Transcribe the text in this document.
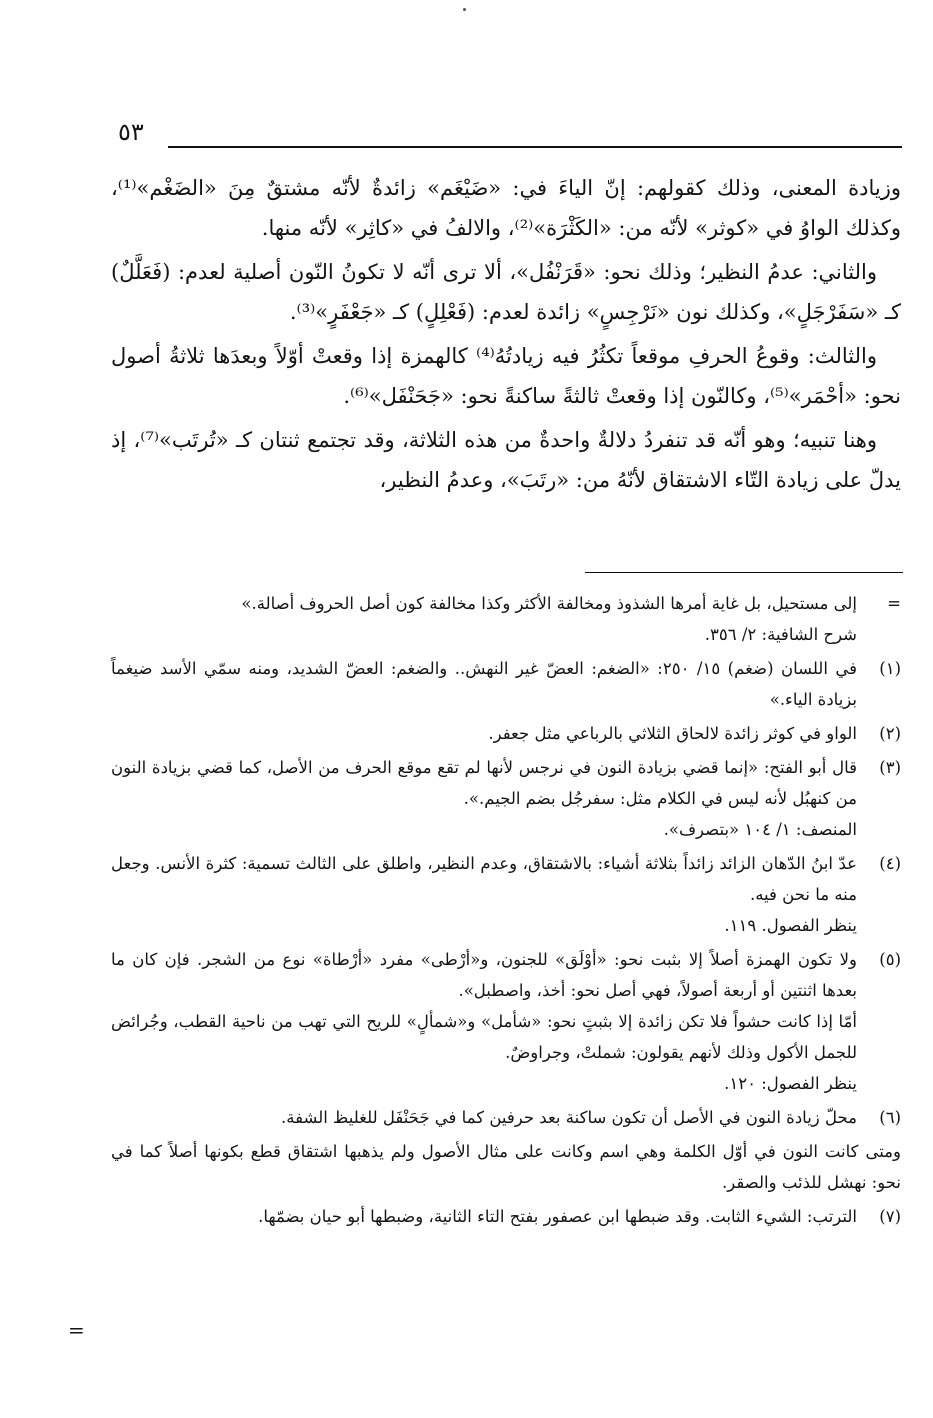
٥٣

وزيادة المعنى، وذلك كقولهم: إنّ الياءَ في: «ضَيْغَم» زائدةٌ لأنّه مشتقٌ مِنَ «الضَغْم»⁽¹⁾، وكذلك الواوُ في «كوثر» لأنّه من: «الكَثْرَة»⁽²⁾، والالفُ في «كاثِر» لأنّه منها.

والثاني: عدمُ النظير؛ وذلك نحو: «قَرَنْفُل»، ألا ترى أنّه لا تكونُ النّون أصلية لعدم: (فَعَلَّلٌ) كـ «سَفَرْجَلٍ»، وكذلك نون «نَرْجِسٍ» زائدة لعدم: (فَعْلِلٍ) كـ «جَعْفَرٍ»⁽³⁾.

والثالث: وقوعُ الحرفِ موقعاً تكثُرُ فيه زيادتُهُ⁽⁴⁾ كالهمزة إذا وقعتْ أوّلاً وبعدَها ثلاثةُ أصول نحو: «أحْمَر»⁽⁵⁾، وكالنّون إذا وقعتْ ثالثةً ساكنةً نحو: «جَحَنْفَل»⁽⁶⁾.

وهنا تنبيه؛ وهو أنّه قد تنفردُ دلالةٌ واحدةٌ من هذه الثلاثة، وقد تجتمع ثنتان كـ «تُرتَب»⁽⁷⁾، إذ يدلّ على زيادة التّاء الاشتقاق لأنّهُ من: «رتَبَ»، وعدمُ النظير،

=
إلى مستحيل، بل غاية أمرها الشذوذ ومخالفة الأكثر وكذا مخالفة كون أصل الحروف أصالة.»
شرح الشافية: ٢/ ٣٥٦.
(١)
في اللسان (ضغم) ١٥/ ٢٥٠: «الضغم: العضّ غير النهش.. والضغم: العضّ الشديد، ومنه سمّي الأسد ضيغماً بزيادة الياء.»
(٢)
الواو في كوثر زائدة لالحاق الثلاثي بالرباعي مثل جعفر.
(٣)
قال أبو الفتح: «إنما قضي بزيادة النون في نرجس لأنها لم تقع موقع الحرف من الأصل، كما قضي بزيادة النون من كنهبُل لأنه ليس في الكلام مثل: سفرجُل بضم الجيم.».
المنصف: ١/ ١٠٤ «بتصرف».
(٤)
عدّ ابنُ الدّهان الزائد زائداً بثلاثة أشياء: بالاشتقاق، وعدم النظير، واطلق على الثالث تسمية: كثرة الأنس. وجعل منه ما نحن فيه.
ينظر الفصول. ١١٩.
(٥)
ولا تكون الهمزة أصلاً إلا بثبت نحو: «أوْلَق» للجنون، و«أرْطى» مفرد «أرْطاة» نوع من الشجر. فإن كان ما بعدها اثنتين أو أربعة أصولاً، فهي أصل نحو: أخذ، واصطبل».
أمّا إذا كانت حشواً فلا تكن زائدة إلا بثبتٍ نحو: «شأمل» و«شمألٍ» للريح التي تهب من ناحية القطب، وجُرائض للجمل الأكول وذلك لأنهم يقولون: شملتْ، وجراوضٌ.
ينظر الفصول: ١٢٠.
(٦)
محلّ زيادة النون في الأصل أن تكون ساكنة بعد حرفين كما في جَحَنْفَل للغليظ الشفة.
ومتى كانت النون في أوّل الكلمة وهي اسم وكانت على مثال الأصول ولم يذهبها اشتقاق قطع بكونها أصلاً كما في نحو: نهشل للذئب والصقر.
(٧)
الترتب: الشيء الثابت. وقد ضبطها ابن عصفور بفتح التاء الثانية، وضبطها أبو حيان بضمّها.
=
